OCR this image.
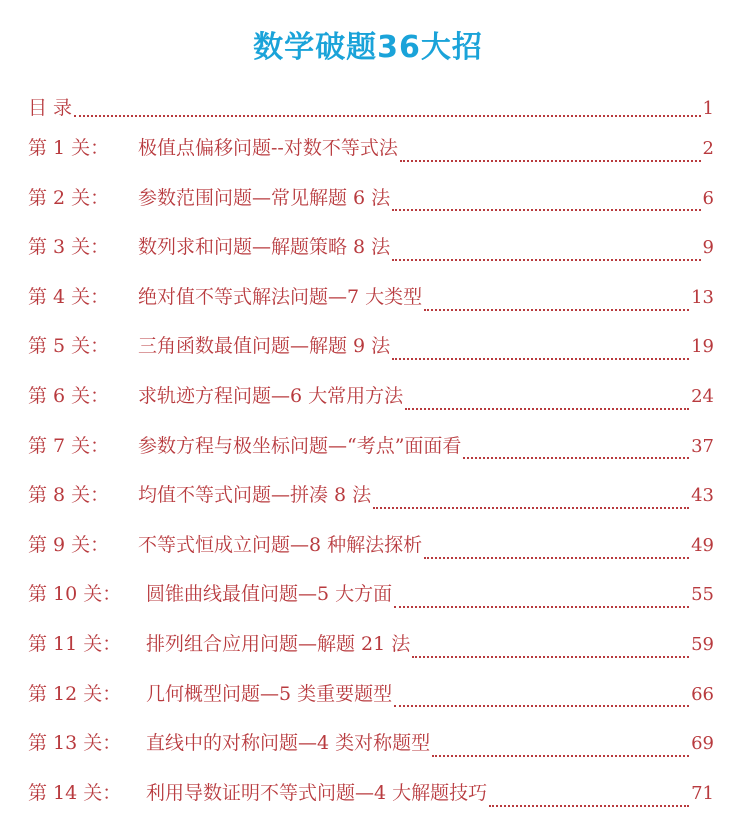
数学破题36大招
目 录	1
第 1 关：	极值点偏移问题--对数不等式法	2
第 2 关：	参数范围问题—常见解题 6 法	6
第 3 关：	数列求和问题—解题策略 8 法	9
第 4 关：	绝对值不等式解法问题—7 大类型	13
第 5 关：	三角函数最值问题—解题 9 法	19
第 6 关：	求轨迹方程问题—6 大常用方法	24
第 7 关：	参数方程与极坐标问题—“考点”面面看	37
第 8 关：	均值不等式问题—拼凑 8 法	43
第 9 关：	不等式恒成立问题—8 种解法探析	49
第 10 关：	圆锥曲线最值问题—5 大方面	55
第 11 关：	排列组合应用问题—解题 21 法	59
第 12 关：	几何概型问题—5 类重要题型	66
第 13 关：	直线中的对称问题—4 类对称题型	69
第 14 关：	利用导数证明不等式问题—4 大解题技巧	71
